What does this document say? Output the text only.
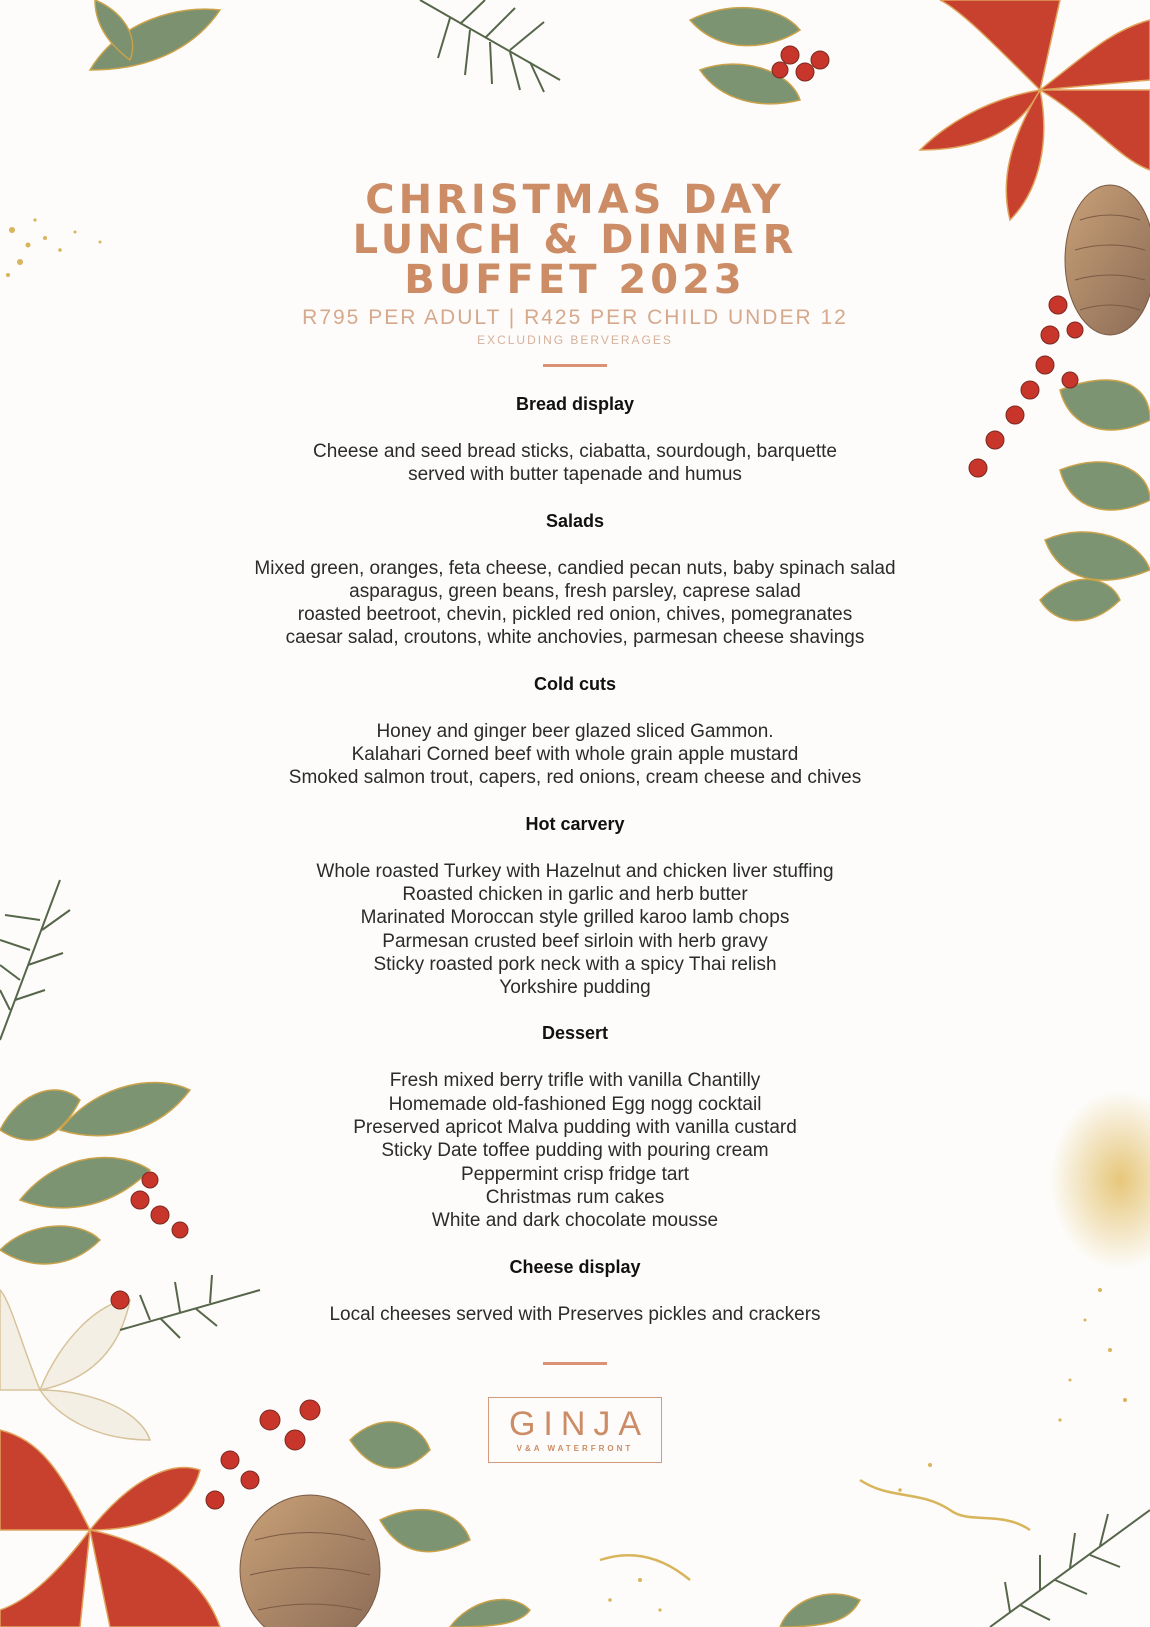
CHRISTMAS DAY
LUNCH & DINNER
BUFFET 2023
R795 PER ADULT | R425 PER CHILD UNDER 12
EXCLUDING BERVERAGES
Bread display
Cheese and seed bread sticks, ciabatta, sourdough, barquette
served with butter tapenade and humus
Salads
Mixed green, oranges, feta cheese, candied pecan nuts, baby spinach salad
asparagus, green beans, fresh parsley, caprese salad
roasted beetroot, chevin, pickled red onion, chives, pomegranates
caesar salad, croutons, white anchovies, parmesan cheese shavings
Cold cuts
Honey and ginger beer glazed sliced Gammon.
Kalahari Corned beef with whole grain apple mustard
Smoked salmon trout, capers, red onions, cream cheese and chives
Hot carvery
Whole roasted Turkey with Hazelnut and chicken liver stuffing
Roasted chicken in garlic and herb butter
Marinated Moroccan style grilled karoo lamb chops
Parmesan crusted beef sirloin with herb gravy
Sticky roasted pork neck with a spicy Thai relish
Yorkshire pudding
Dessert
Fresh mixed berry trifle with vanilla Chantilly
Homemade old-fashioned Egg nogg cocktail
Preserved apricot Malva pudding with vanilla custard
Sticky Date toffee pudding with pouring cream
Peppermint crisp fridge tart
Christmas rum cakes
White and dark chocolate mousse
Cheese display
Local cheeses served with Preserves pickles and crackers
GINJA
V&A WATERFRONT
